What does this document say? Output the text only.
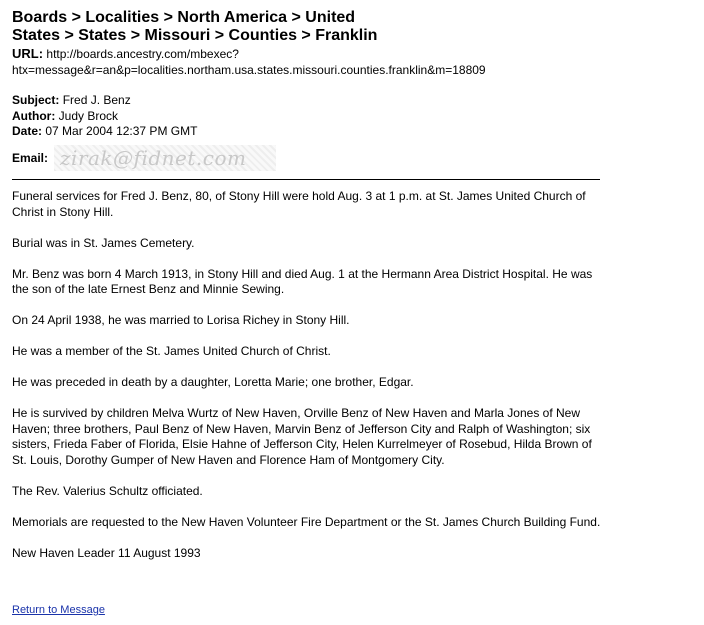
Boards > Localities > North America > United
States > States > Missouri > Counties > Franklin
URL: http://boards.ancestry.com/mbexec?
htx=message&r=an&p=localities.northam.usa.states.missouri.counties.franklin&m=18809
Subject: Fred J. Benz
Author: Judy Brock
Date: 07 Mar 2004 12:37 PM GMT
Email: zirak@fidnet.com

Funeral services for Fred J. Benz, 80, of Stony Hill were hold Aug. 3 at 1 p.m. at St. James United Church of Christ in Stony Hill.

Burial was in St. James Cemetery.

Mr. Benz was born 4 March 1913, in Stony Hill and died Aug. 1 at the Hermann Area District Hospital. He was the son of the late Ernest Benz and Minnie Sewing.

On 24 April 1938, he was married to Lorisa Richey in Stony Hill.

He was a member of the St. James United Church of Christ.

He was preceded in death by a daughter, Loretta Marie; one brother, Edgar.

He is survived by children Melva Wurtz of New Haven, Orville Benz of New Haven and Marla Jones of New Haven; three brothers, Paul Benz of New Haven, Marvin Benz of Jefferson City and Ralph of Washington; six sisters, Frieda Faber of Florida, Elsie Hahne of Jefferson City, Helen Kurrelmeyer of Rosebud, Hilda Brown of St. Louis, Dorothy Gumper of New Haven and Florence Ham of Montgomery City.

The Rev. Valerius Schultz officiated.

Memorials are requested to the New Haven Volunteer Fire Department or the St. James Church Building Fund.

New Haven Leader 11 August 1993

Return to Message
